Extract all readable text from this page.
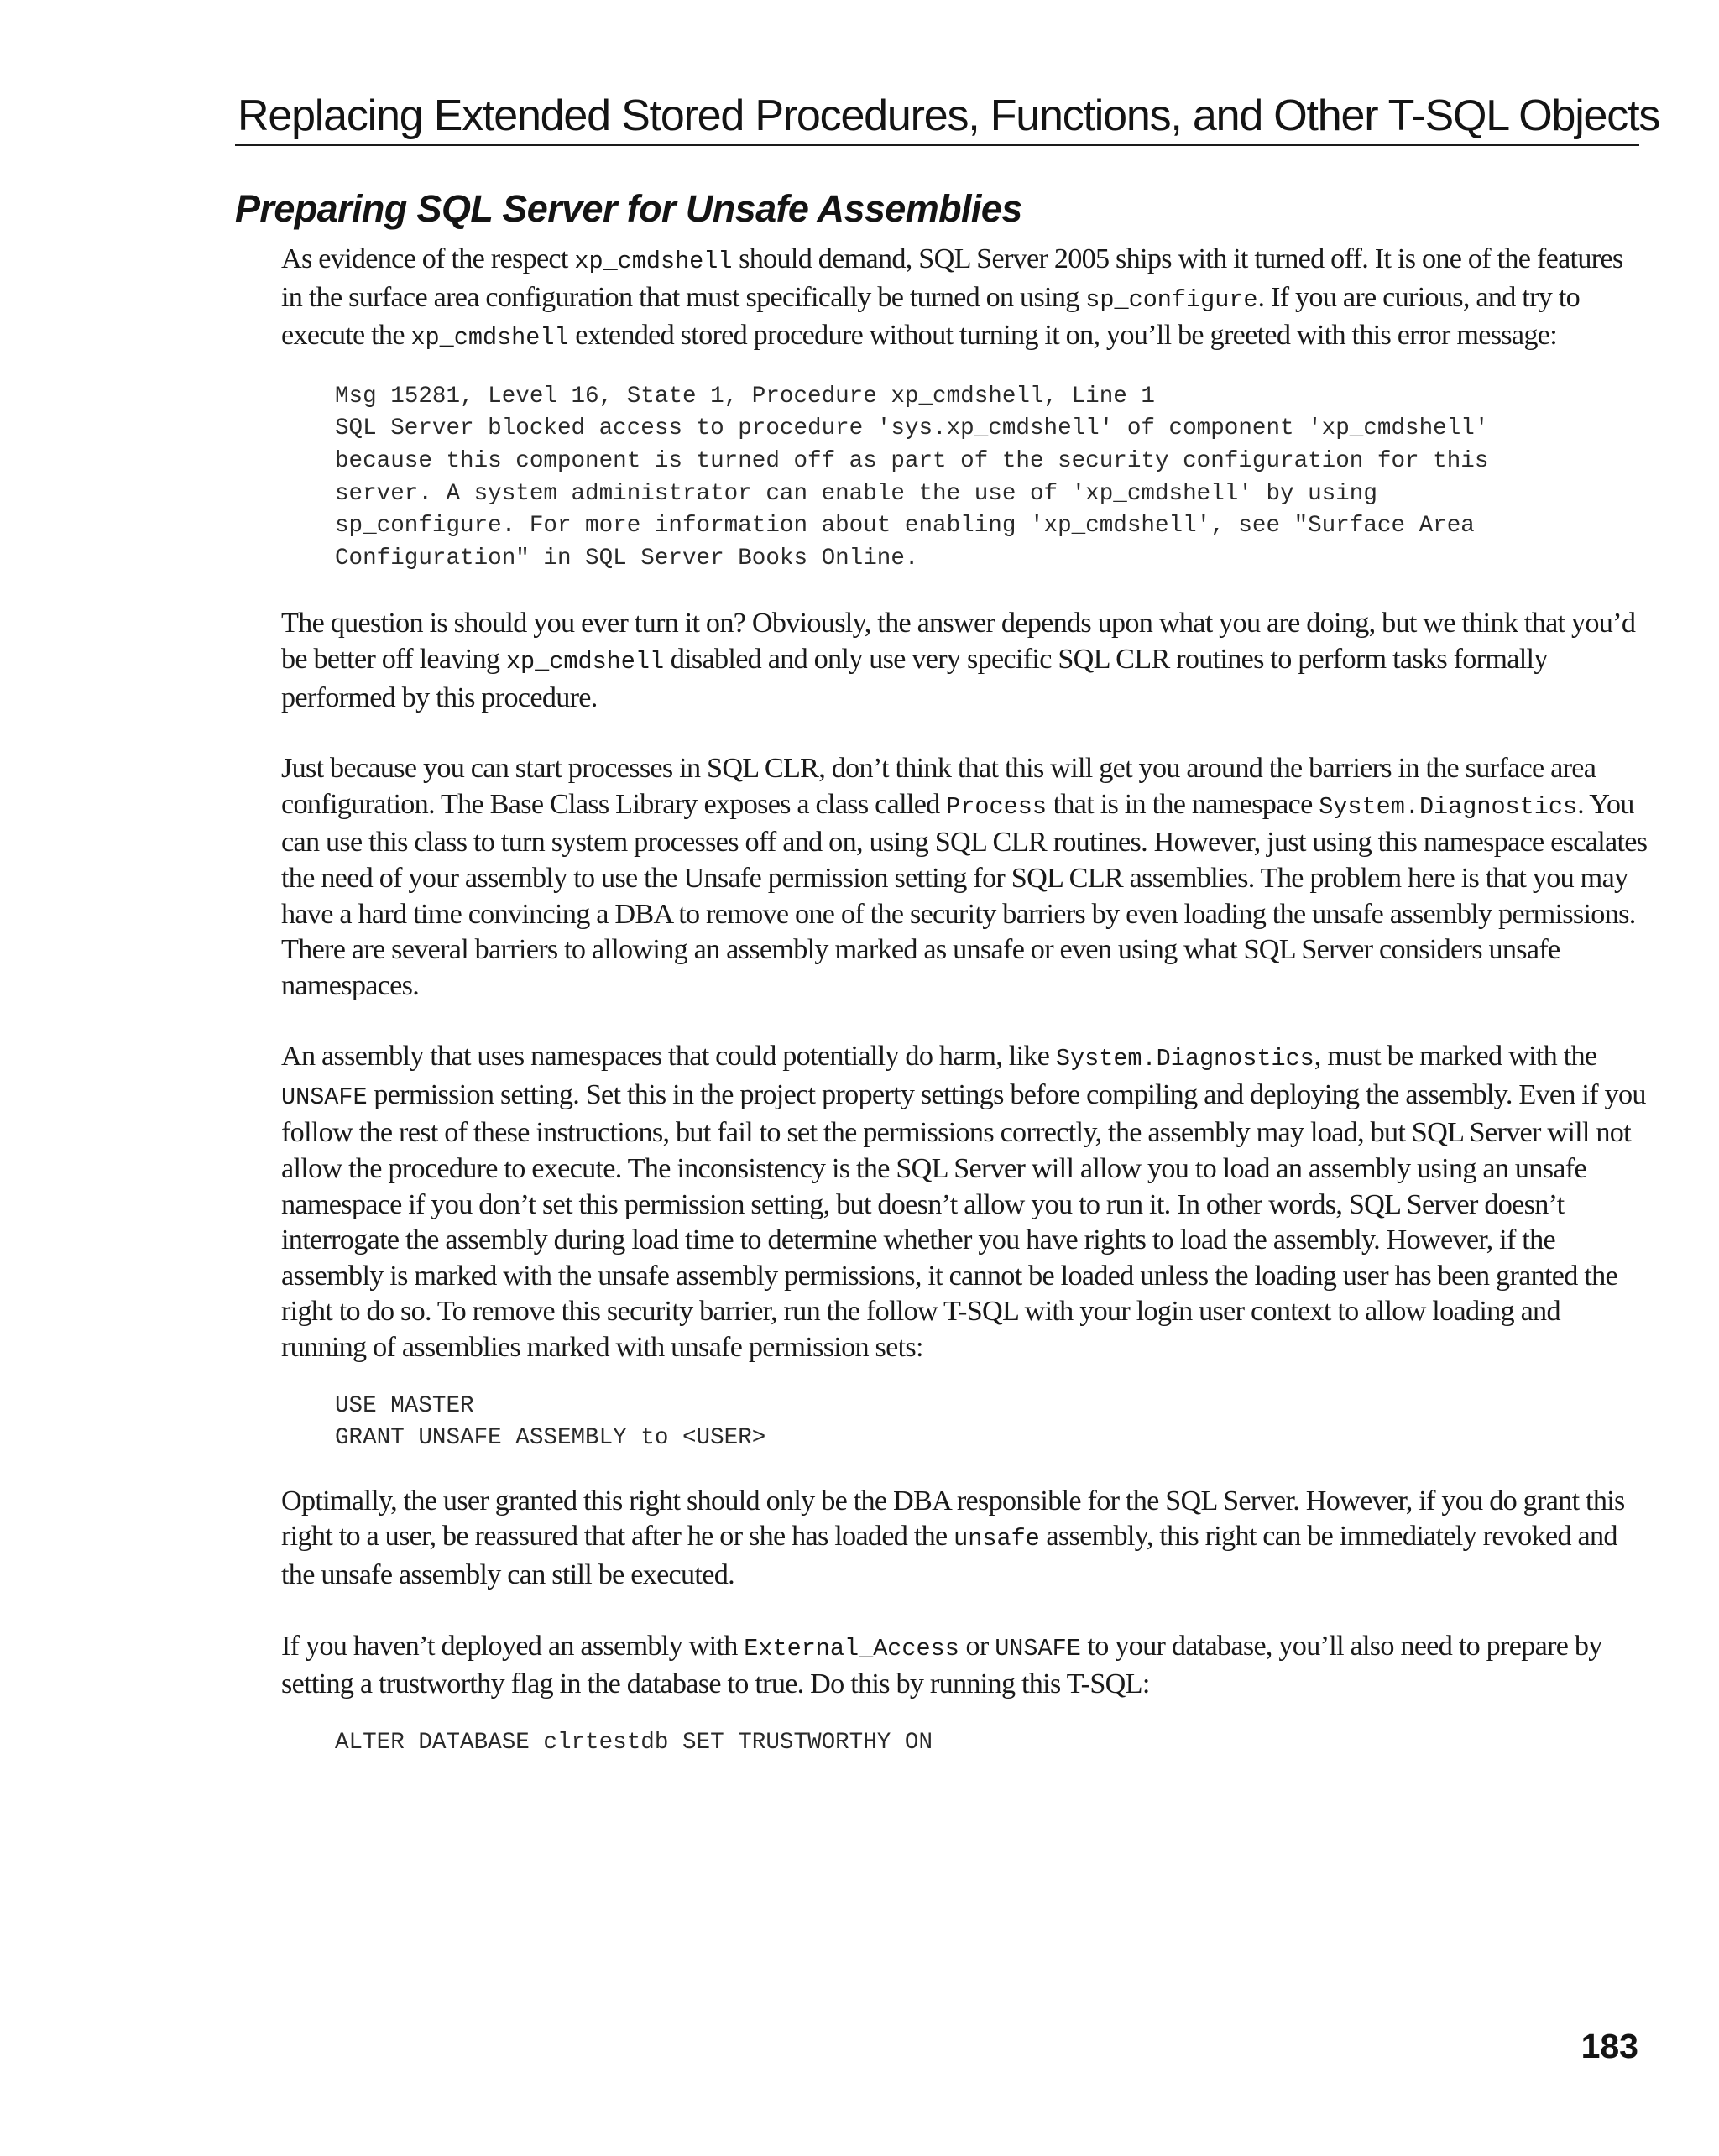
Replacing Extended Stored Procedures, Functions, and Other T-SQL Objects
Preparing SQL Server for Unsafe Assemblies

As evidence of the respect xp_cmdshell should demand, SQL Server 2005 ships with it turned off. It is one of the features in the surface area configuration that must specifically be turned on using sp_configure. If you are curious, and try to execute the xp_cmdshell extended stored procedure without turning it on, you’ll be greeted with this error message:

Msg 15281, Level 16, State 1, Procedure xp_cmdshell, Line 1
SQL Server blocked access to procedure 'sys.xp_cmdshell' of component 'xp_cmdshell'
because this component is turned off as part of the security configuration for this
server. A system administrator can enable the use of 'xp_cmdshell' by using
sp_configure. For more information about enabling 'xp_cmdshell', see "Surface Area
Configuration" in SQL Server Books Online.

The question is should you ever turn it on? Obviously, the answer depends upon what you are doing, but we think that you’d be better off leaving xp_cmdshell disabled and only use very specific SQL CLR routines to perform tasks formally performed by this procedure.

Just because you can start processes in SQL CLR, don’t think that this will get you around the barriers in the surface area configuration. The Base Class Library exposes a class called Process that is in the namespace System.Diagnostics. You can use this class to turn system processes off and on, using SQL CLR routines. However, just using this namespace escalates the need of your assembly to use the Unsafe permission setting for SQL CLR assemblies. The problem here is that you may have a hard time convincing a DBA to remove one of the security barriers by even loading the unsafe assembly permissions. There are several barriers to allowing an assembly marked as unsafe or even using what SQL Server considers unsafe namespaces.

An assembly that uses namespaces that could potentially do harm, like System.Diagnostics, must be marked with the UNSAFE permission setting. Set this in the project property settings before compiling and deploying the assembly. Even if you follow the rest of these instructions, but fail to set the permissions correctly, the assembly may load, but SQL Server will not allow the procedure to execute. The inconsistency is the SQL Server will allow you to load an assembly using an unsafe namespace if you don’t set this permission setting, but doesn’t allow you to run it. In other words, SQL Server doesn’t interrogate the assembly during load time to determine whether you have rights to load the assembly. However, if the assembly is marked with the unsafe assembly permissions, it cannot be loaded unless the loading user has been granted the right to do so. To remove this security barrier, run the follow T-SQL with your login user context to allow loading and running of assemblies marked with unsafe permission sets:

USE MASTER
GRANT UNSAFE ASSEMBLY to <USER>

Optimally, the user granted this right should only be the DBA responsible for the SQL Server. However, if you do grant this right to a user, be reassured that after he or she has loaded the unsafe assembly, this right can be immediately revoked and the unsafe assembly can still be executed.

If you haven’t deployed an assembly with External_Access or UNSAFE to your database, you’ll also need to prepare by setting a trustworthy flag in the database to true. Do this by running this T-SQL:

ALTER DATABASE clrtestdb SET TRUSTWORTHY ON
183
